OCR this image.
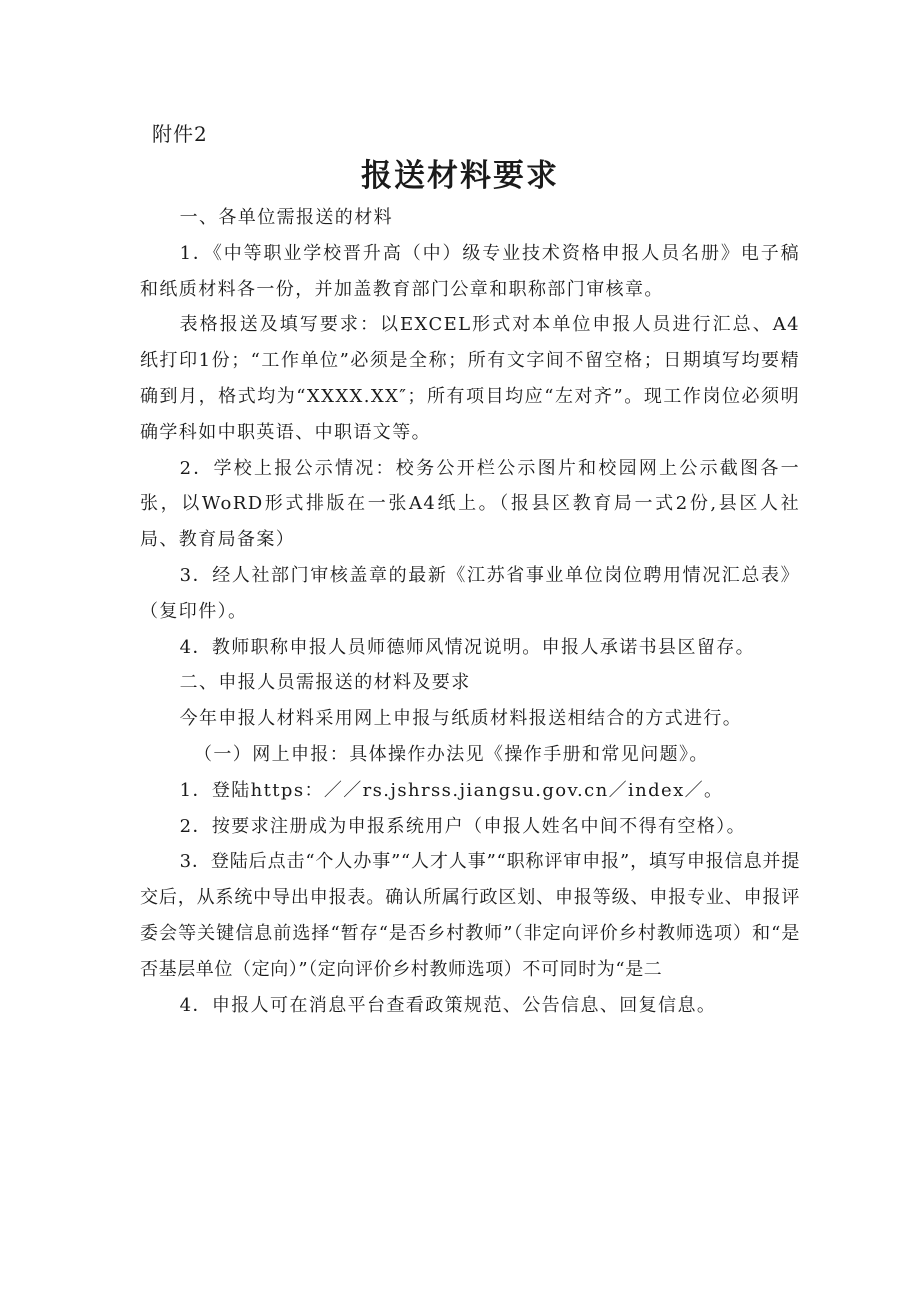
附件2
报送材料要求

一、各单位需报送的材料

1．《中等职业学校晋升高（中）级专业技术资格申报人员名册》电子稿和纸质材料各一份，并加盖教育部门公章和职称部门审核章。

表格报送及填写要求：以EXCEL形式对本单位申报人员进行汇总、A4纸打印1份；“工作单位”必须是全称；所有文字间不留空格；日期填写均要精确到月，格式均为“XXXX.XX″；所有项目均应“左对齐”。现工作岗位必须明确学科如中职英语、中职语文等。

2．学校上报公示情况：校务公开栏公示图片和校园网上公示截图各一张，以WoRD形式排版在一张A4纸上。（报县区教育局一式2份,县区人社局、教育局备案）

3．经人社部门审核盖章的最新《江苏省事业单位岗位聘用情况汇总表》（复印件）。

4．教师职称申报人员师德师风情况说明。申报人承诺书县区留存。

二、申报人员需报送的材料及要求

今年申报人材料采用网上申报与纸质材料报送相结合的方式进行。

（一）网上申报：具体操作办法见《操作手册和常见问题》。

1．登陆https：／／rs.jshrss.jiangsu.gov.cn／index／。

2．按要求注册成为申报系统用户（申报人姓名中间不得有空格）。

3．登陆后点击“个人办事”“人才人事”“职称评审申报”，填写申报信息并提交后，从系统中导出申报表。确认所属行政区划、申报等级、申报专业、申报评委会等关键信息前选择“暂存“是否乡村教师”（非定向评价乡村教师选项）和“是否基层单位（定向）”（定向评价乡村教师选项）不可同时为“是二

4．申报人可在消息平台查看政策规范、公告信息、回复信息。
